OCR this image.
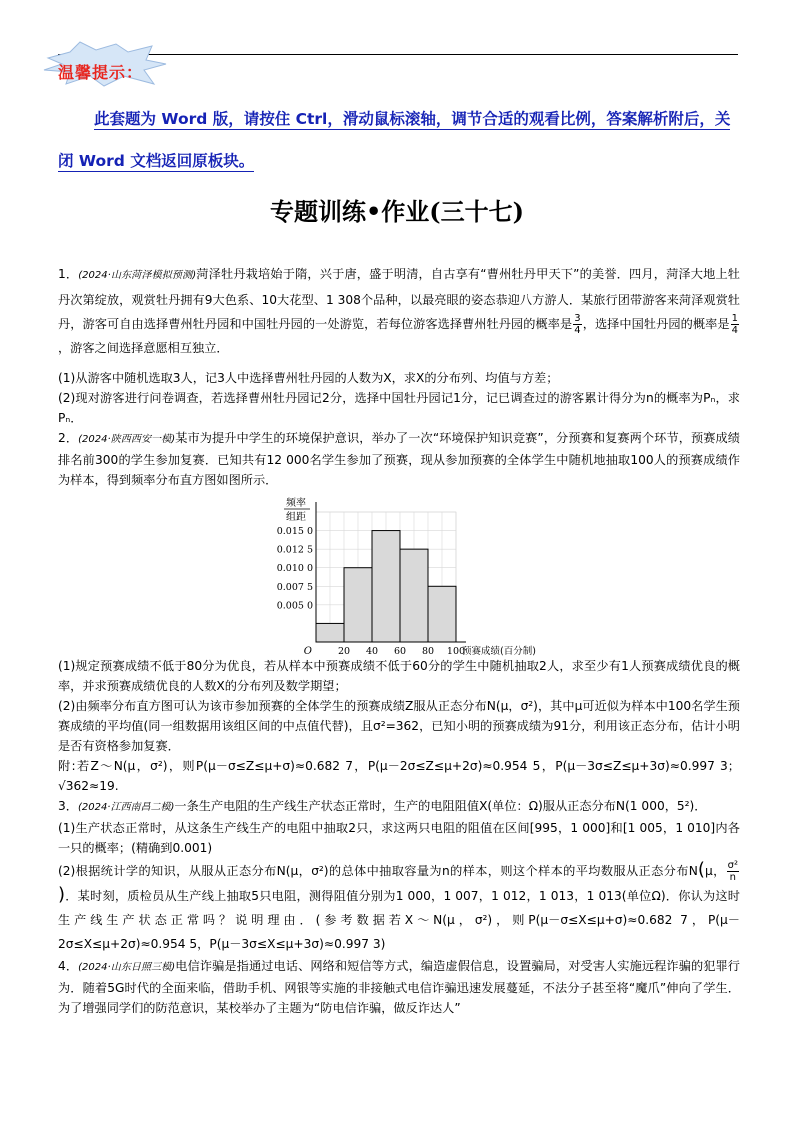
温馨提示：
此套题为 Word 版，请按住 Ctrl，滑动鼠标滚轴，调节合适的观看比例，答案解析附后，关闭 Word 文档返回原板块。
专题训练•作业(三十七)

1．(2024·山东菏泽模拟预测)菏泽牡丹栽培始于隋，兴于唐，盛于明清，自古享有“曹州牡丹甲天下”的美誉．四月，菏泽大地上牡丹次第绽放，观赏牡丹拥有9大色系、10大花型、1 308个品种，以最亮眼的姿态恭迎八方游人．某旅行团带游客来菏泽观赏牡丹，游客可自由选择曹州牡丹园和中国牡丹园的一处游览，若每位游客选择曹州牡丹园的概率是 $\frac{3}{4}$ ，选择中国牡丹园的概率是 $\frac{1}{4}$
，游客之间选择意愿相互独立．

(1)从游客中随机选取3人，记3人中选择曹州牡丹园的人数为X，求X的分布列、均值与方差；

(2)现对游客进行问卷调查，若选择曹州牡丹园记2分，选择中国牡丹园记1分，记已调查过的游客累计得分为n的概率为Pₙ，求Pₙ．

2．(2024·陕西西安一模)某市为提升中学生的环境保护意识，举办了一次“环境保护知识竞赛”，分预赛和复赛两个环节，预赛成绩排名前300的学生参加复赛．已知共有12 000名学生参加了预赛，现从参加预赛的全体学生中随机地抽取100人的预赛成绩作为样本，得到频率分布直方图如图所示．

(1)规定预赛成绩不低于80分为优良，若从样本中预赛成绩不低于60分的学生中随机抽取2人，求至少有1人预赛成绩优良的概率，并求预赛成绩优良的人数X的分布列及数学期望；

(2)由频率分布直方图可认为该市参加预赛的全体学生的预赛成绩Z服从正态分布N(μ，σ²)，其中μ可近似为样本中100名学生预赛成绩的平均值(同一组数据用该组区间的中点值代替)，且σ²=362，已知小明的预赛成绩为91分，利用该正态分布，估计小明是否有资格参加复赛．

附:若Z～N(μ，σ²)，则P(μ－σ≤Z≤μ+σ)≈0.682 7，P(μ－2σ≤Z≤μ+2σ)≈0.954 5，P(μ－3σ≤Z≤μ+3σ)≈0.997 3；√362≈19.

3．(2024·江西南昌二模)一条生产电阻的生产线生产状态正常时，生产的电阻阻值X(单位：Ω)服从正态分布N(1 000，5²)．

(1)生产状态正常时，从这条生产线生产的电阻中抽取2只，求这两只电阻的阻值在区间[995，1 000]和[1 005，1 010]内各一只的概率；(精确到0.001)

(2)根据统计学的知识，从服从正态分布N(μ，σ²)的总体中抽取容量为n的样本，则这个样本的平均数服从正态分布N(μ， $\frac{\text{σ²}}{n}$
)．某时刻，质检员从生产线上抽取5只电阻，测得阻值分别为1 000，1 007，1 012，1 013，1 013(单位Ω)．你认为这时生产线生产状态正常吗？说明理由．(参考数据若X～N(μ，σ²)，则P(μ－σ≤X≤μ+σ)≈0.682 7，P(μ－2σ≤X≤μ+2σ)≈0.954 5，P(μ－3σ≤X≤μ+3σ)≈0.997 3)

4．(2024·山东日照三模)电信诈骗是指通过电话、网络和短信等方式，编造虚假信息，设置骗局，对受害人实施远程诈骗的犯罪行为．随着5G时代的全面来临，借助手机、网银等实施的非接触式电信诈骗迅速发展蔓延，不法分子甚至将“魔爪”伸向了学生．为了增强同学们的防范意识，某校举办了主题为“防电信诈骗，做反诈达人”

0.015 0
0.012 5
0.010 0
0.007 5
0.005 0
20 40 60 80 100
O	预赛成绩(百分制)
频率
组距
